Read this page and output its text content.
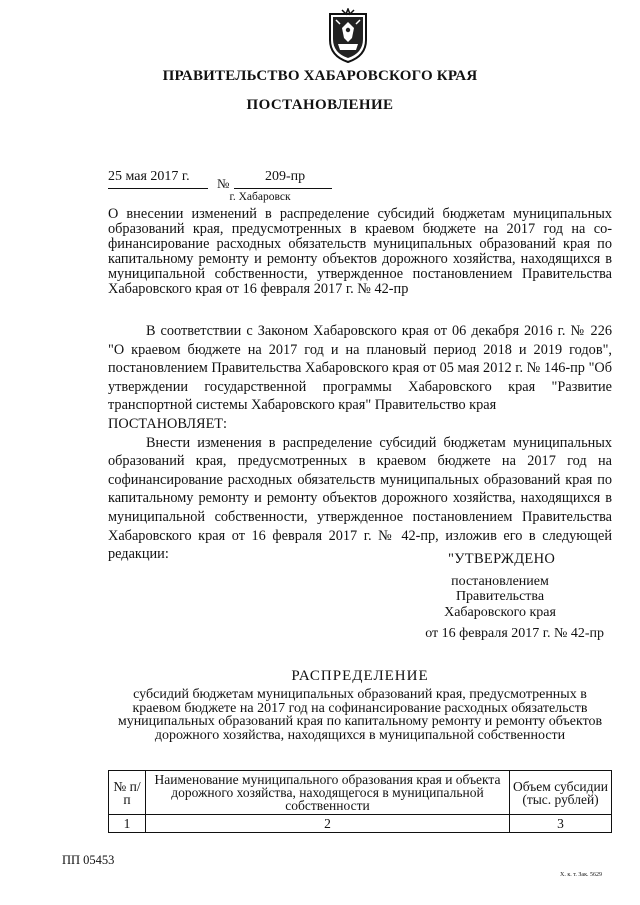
ПРАВИТЕЛЬСТВО ХАБАРОВСКОГО КРАЯ
ПОСТАНОВЛЕНИЕ
25 мая 2017 г. №	209-пр
г. Хабаровск
О внесении изменений в распределение субсидий бюджетам муниципальных образований края, предусмотренных в краевом бюджете на 2017 год на софинансирование расходных обязательств муниципальных образований края по капитальному ремонту и ремонту объектов дорожного хозяйства, находящихся в муниципальной собственности, утвержденное постановлением Правительства Хабаровского края от 16 февраля 2017 г. № 42-пр

В соответствии с Законом Хабаровского края от 06 декабря 2016 г. № 226 "О краевом бюджете на 2017 год и на плановый период 2018 и 2019 годов", постановлением Правительства Хабаровского края от 05 мая 2012 г. № 146-пр "Об утверждении государственной программы Хабаровского края "Развитие транспортной системы Хабаровского края" Правительство края

ПОСТАНОВЛЯЕТ:

Внести изменения в распределение субсидий бюджетам муниципальных образований края, предусмотренных в краевом бюджете на 2017 год на софинансирование расходных обязательств муниципальных образований края по капитальному ремонту и ремонту объектов дорожного хозяйства, находящихся в муниципальной собственности, утвержденное постановлением Правительства Хабаровского края от 16 февраля 2017 г. № 42-пр, изложив его в следующей редакции:	"УТВЕРЖДЕНО
постановлением
Правительства
Хабаровского края
от 16 февраля 2017 г. № 42-пр
РАСПРЕДЕЛЕНИЕ
субсидий бюджетам муниципальных образований края, предусмотренных в краевом бюджете на 2017 год на софинансирование расходных обязательств муниципальных образований края по капитальному ремонту и ремонту объектов дорожного хозяйства, находящихся в муниципальной собственности
№ п/п	Наименование муниципального образования края и объекта дорожного хозяйства, находящегося в муниципальной собственности	Объем субсидии (тыс. рублей)
1	2	3
ПП 05453
Х. к. т. Зак. 5629
